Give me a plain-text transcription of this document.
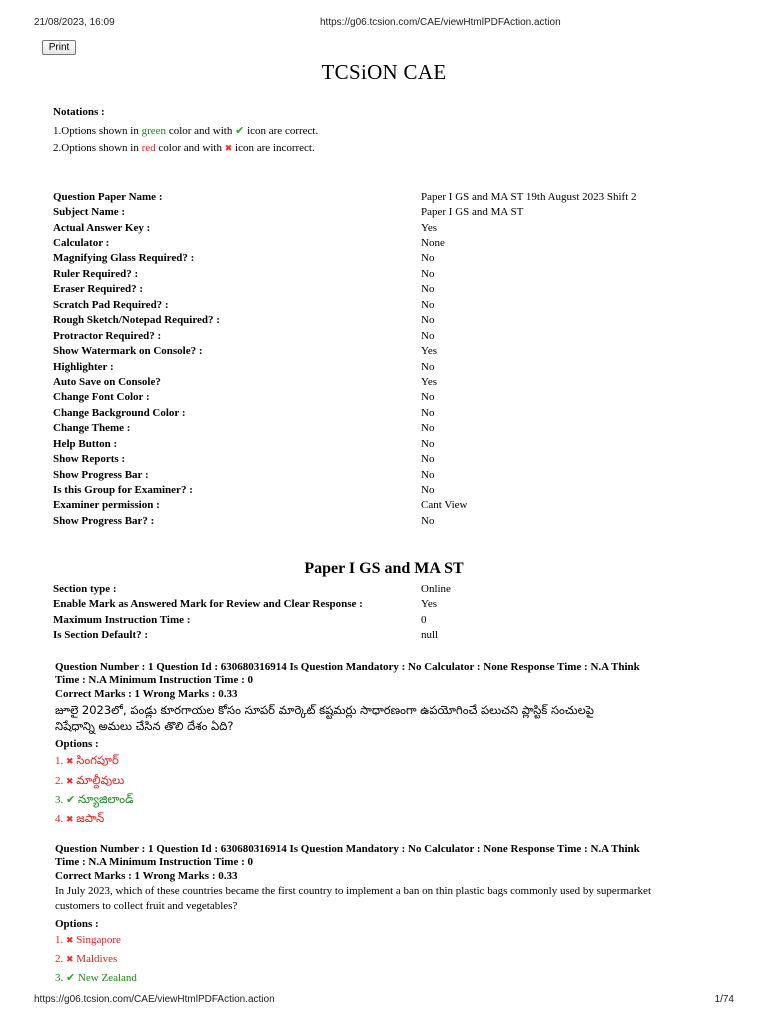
21/08/2023, 16:09	https://g06.tcsion.com/CAE/viewHtmlPDFAction.action
Print
TCSiON CAE
Notations :
1.Options shown in green color and with ✔ icon are correct.
2.Options shown in red color and with ✖ icon are incorrect.
Question Paper Name :	Paper I GS and MA ST 19th August 2023 Shift 2
Subject Name :	Paper I GS and MA ST
Actual Answer Key :	Yes
Calculator :	None
Magnifying Glass Required? :	No
Ruler Required? :	No
Eraser Required? :	No
Scratch Pad Required? :	No
Rough Sketch/Notepad Required? :	No
Protractor Required? :	No
Show Watermark on Console? :	Yes
Highlighter :	No
Auto Save on Console?	Yes
Change Font Color :	No
Change Background Color :	No
Change Theme :	No
Help Button :	No
Show Reports :	No
Show Progress Bar :	No
Is this Group for Examiner? :	No
Examiner permission :	Cant View
Show Progress Bar? :	No
Paper I GS and MA ST
Section type :	Online
Enable Mark as Answered Mark for Review and Clear Response :	Yes
Maximum Instruction Time :	0
Is Section Default? :	null
Question Number : 1 Question Id : 630680316914 Is Question Mandatory : No Calculator : None Response Time : N.A Think
Time : N.A Minimum Instruction Time : 0
Correct Marks : 1 Wrong Marks : 0.33
జూలై 2023లో, పండ్లు కూరగాయల కోసం సూపర్ మార్కెట్ కష్టమర్లు సాధారణంగా ఉపయోగించే పలుచని ప్లాస్టిక్ సంచులపై
నిషేధాన్ని అమలు చేసిన తొలి దేశం ఏది?
Options :
1. ✖ సింగపూర్
2. ✖ మాల్దీవులు
3. ✔ న్యూజిలాండ్
4. ✖ జపాన్
Question Number : 1 Question Id : 630680316914 Is Question Mandatory : No Calculator : None Response Time : N.A Think
Time : N.A Minimum Instruction Time : 0
Correct Marks : 1 Wrong Marks : 0.33
In July 2023, which of these countries became the first country to implement a ban on thin plastic bags commonly used by supermarket
customers to collect fruit and vegetables?
Options :
1. ✖ Singapore
2. ✖ Maldives
3. ✔ New Zealand
https://g06.tcsion.com/CAE/viewHtmlPDFAction.action	1/74
